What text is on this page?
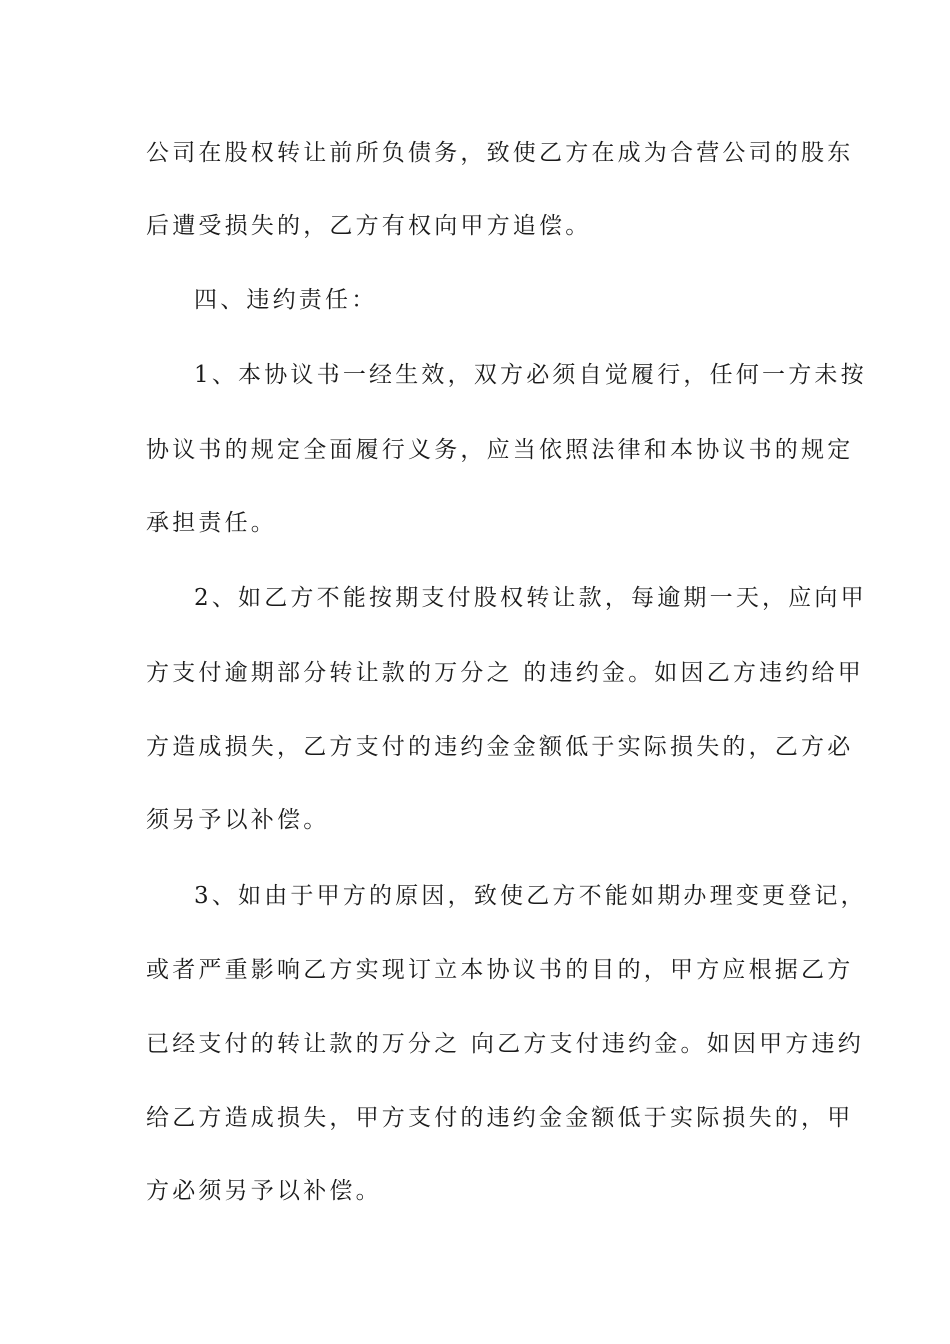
公司在股权转让前所负债务，致使乙方在成为合营公司的股东
后遭受损失的，乙方有权向甲方追偿。
四、违约责任：
1、本协议书一经生效，双方必须自觉履行，任何一方未按
协议书的规定全面履行义务，应当依照法律和本协议书的规定
承担责任。
2、如乙方不能按期支付股权转让款，每逾期一天，应向甲
方支付逾期部分转让款的万分之 的违约金。如因乙方违约给甲
方造成损失，乙方支付的违约金金额低于实际损失的，乙方必
须另予以补偿。
3、如由于甲方的原因，致使乙方不能如期办理变更登记，
或者严重影响乙方实现订立本协议书的目的，甲方应根据乙方
已经支付的转让款的万分之 向乙方支付违约金。如因甲方违约
给乙方造成损失，甲方支付的违约金金额低于实际损失的，甲
方必须另予以补偿。
